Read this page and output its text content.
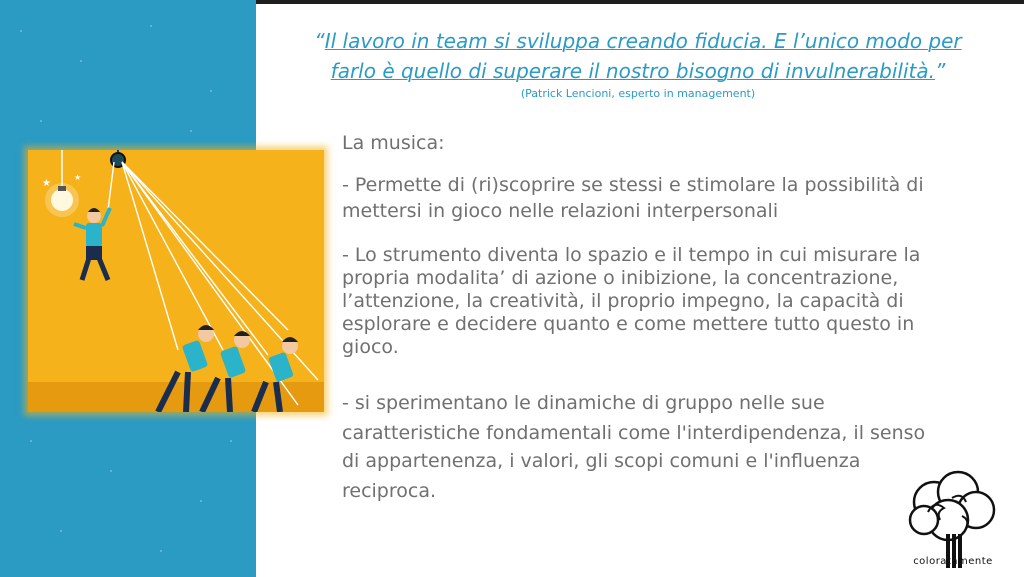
“Il lavoro in team si sviluppa creando fiducia. E l’unico modo per
farlo è quello di superare il nostro bisogno di invulnerabilità.”
(Patrick Lencioni, esperto in management)
★
★
La musica:
- Permette di (ri)scoprire se stessi e stimolare la possibilità di
mettersi in gioco nelle relazioni interpersonali
- Lo strumento diventa lo spazio e il tempo in cui misurare la
propria modalita’ di azione o inibizione, la concentrazione,
l’attenzione, la creatività, il proprio impegno, la capacità di
esplorare e decidere quanto e come mettere tutto questo in
gioco.
- si sperimentano le dinamiche di gruppo nelle sue
caratteristiche fondamentali come l'interdipendenza, il senso
di appartenenza, i valori, gli scopi comuni e l'influenza
reciproca.
coloratamente
